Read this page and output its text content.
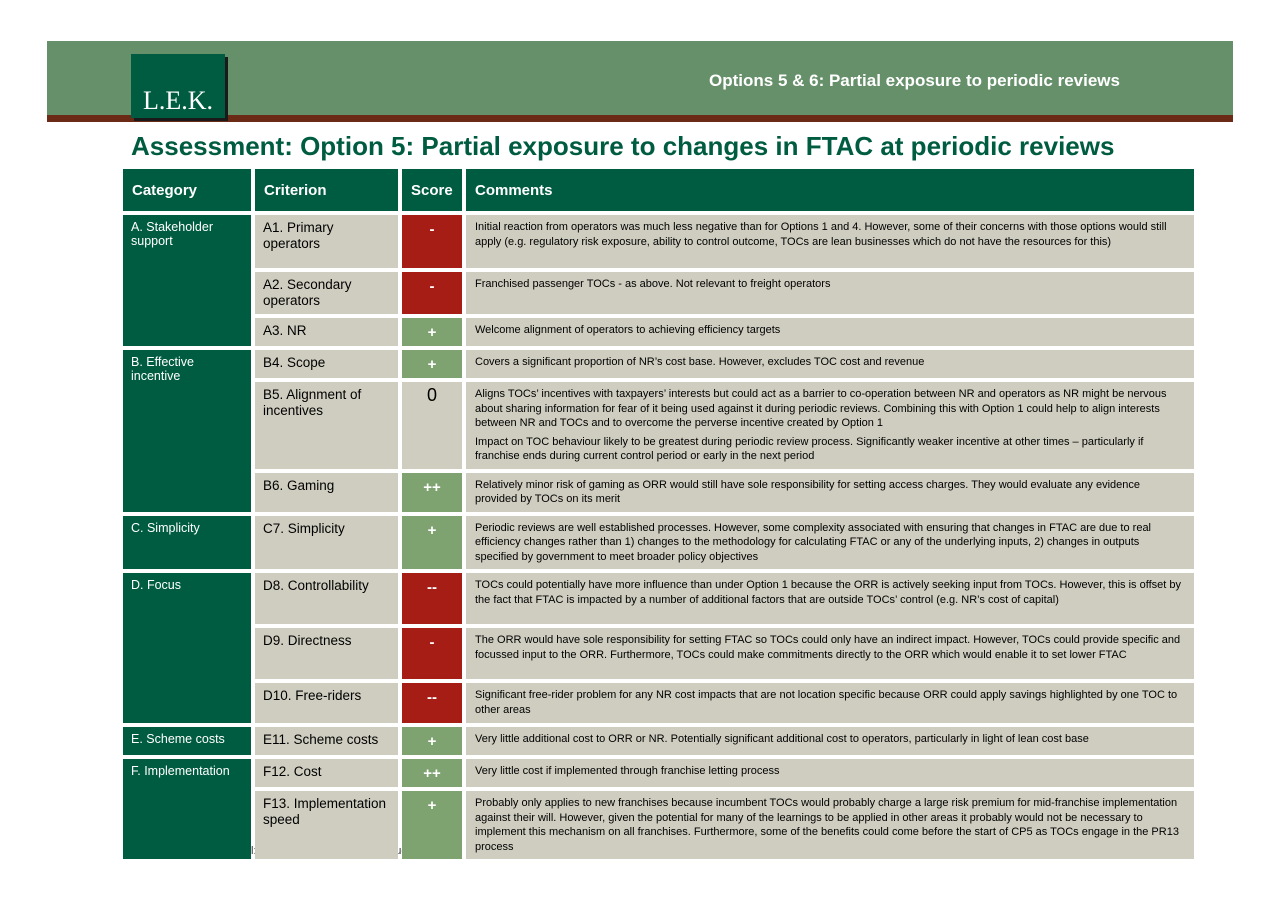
L.E.K.
Options 5 & 6: Partial exposure to periodic reviews
Assessment: Option 5: Partial exposure to changes in FTAC at periodic reviews
Category	Criterion	Score	Comments
A. Stakeholder support	A1. Primary operators	-	Initial reaction from operators was much less negative than for Options 1 and 4. However, some of their concerns with those options would still apply (e.g. regulatory risk exposure, ability to control outcome, TOCs are lean businesses which do not have the resources for this)

	A2. Secondary operators	-	Franchised passenger TOCs - as above. Not relevant to freight operators

	A3. NR	+	Welcome alignment of operators to achieving efficiency targets

B. Effective incentive	B4. Scope	+	Covers a significant proportion of NR’s cost base. However, excludes TOC cost and revenue

	B5. Alignment of incentives	0	Aligns TOCs’ incentives with taxpayers’ interests but could act as a barrier to co-operation between NR and operators as NR might be nervous about sharing information for fear of it being used against it during periodic reviews. Combining this with Option 1 could help to align interests between NR and TOCs and to overcome the perverse incentive created by Option 1

Impact on TOC behaviour likely to be greatest during periodic review process. Significantly weaker incentive at other times – particularly if franchise ends during current control period or early in the next period

	B6. Gaming	++	Relatively minor risk of gaming as ORR would still have sole responsibility for setting access charges. They would evaluate any evidence provided by TOCs on its merit

C. Simplicity	C7. Simplicity	+	Periodic reviews are well established processes. However, some complexity associated with ensuring that changes in FTAC are due to real efficiency changes rather than 1) changes to the methodology for calculating FTAC or any of the underlying inputs, 2) changes in outputs specified by government to meet broader policy objectives

D. Focus	D8. Controllability	--	TOCs could potentially have more influence than under Option 1 because the ORR is actively seeking input from TOCs. However, this is offset by the fact that FTAC is impacted by a number of additional factors that are outside TOCs’ control (e.g. NR’s cost of capital)

	D9. Directness	-	The ORR would have sole responsibility for setting FTAC so TOCs could only have an indirect impact. However, TOCs could provide specific and focussed input to the ORR. Furthermore, TOCs could make commitments directly to the ORR which would enable it to set lower FTAC

	D10. Free-riders	--	Significant free-rider problem for any NR cost impacts that are not location specific because ORR could apply savings highlighted by one TOC to other areas

E. Scheme costs	E11. Scheme costs	+	Very little additional cost to ORR or NR. Potentially significant additional cost to operators, particularly in light of lean cost base

F. Implementation	F12. Cost	++	Very little cost if implemented through franchise letting process

	F13. Implementation speed	+	Probably only applies to new franchises because incumbent TOCs would probably charge a large risk premium for mid-franchise implementation against their will. However, given the potential for many of the learnings to be applied in other areas it probably would not be necessary to implement this mechanism on all franchises. Furthermore, some of the benefits could come before the start of CP5 as TOCs engage in the PR13 process
